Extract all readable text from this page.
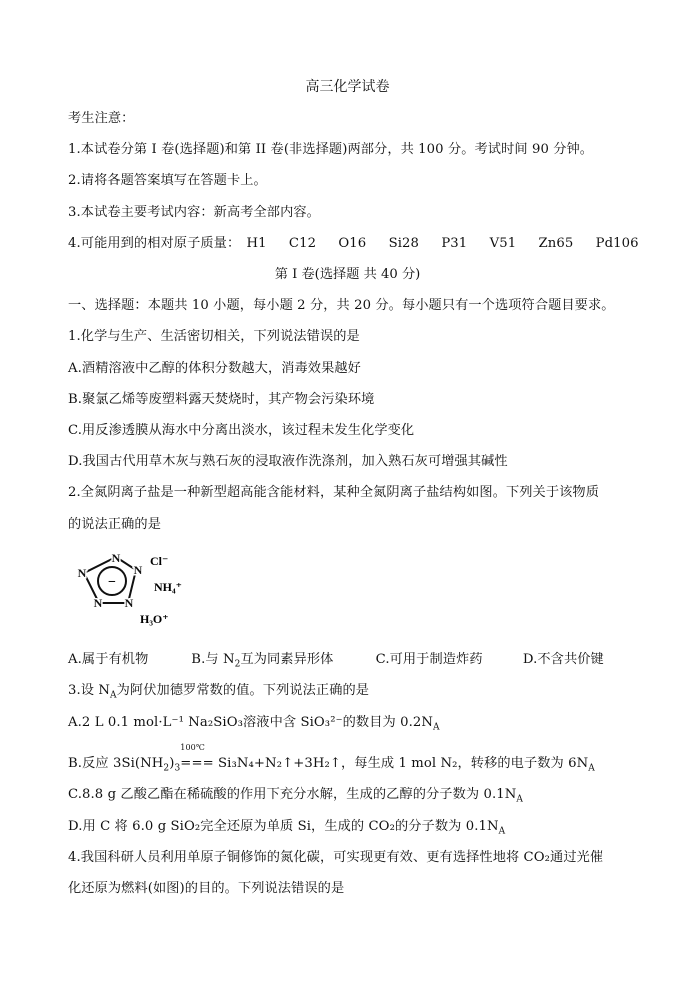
高三化学试卷
考生注意：
1.本试卷分第 I 卷(选择题)和第 II 卷(非选择题)两部分，共 100 分。考试时间 90 分钟。
2.请将各题答案填写在答题卡上。
3.本试卷主要考试内容：新高考全部内容。
4.可能用到的相对原子质量： H1 C12 O16 Si28 P31 V51 Zn65 Pd106
第 I 卷(选择题 共 40 分)
一、选择题：本题共 10 小题，每小题 2 分，共 20 分。每小题只有一个选项符合题目要求。
1.化学与生产、生活密切相关，下列说法错误的是
A.酒精溶液中乙醇的体积分数越大，消毒效果越好
B.聚氯乙烯等废塑料露天焚烧时，其产物会污染环境
C.用反渗透膜从海水中分离出淡水，该过程未发生化学变化
D.我国古代用草木灰与熟石灰的浸取液作洗涤剂，加入熟石灰可增强其碱性
2.全氮阴离子盐是一种新型超高能含能材料，某种全氮阴离子盐结构如图。下列关于该物质
的说法正确的是
−
N
N
N
N
N
Cl⁻
NH₄⁺
H₃O⁺
A.属于有机物	B.与 $N_2$互为同素异形体	C.可用于制造炸药	D.不含共价键
3.设 $N_A$为阿伏加德罗常数的值。下列说法正确的是
A.2 L 0.1 mol·L⁻¹ Na₂SiO₃溶液中含 SiO₃²⁻的数目为 $0.2N_A$
B.反应 $3Si(NH_2)_3$
100℃
=== Si₃N₄+N₂↑+3H₂↑，每生成 1 mol N₂，转移的电子数为 $6N_A$
C.8.8 g 乙酸乙酯在稀硫酸的作用下充分水解，生成的乙醇的分子数为 $0.1N_A$
D.用 C 将 6.0 g SiO₂完全还原为单质 Si，生成的 CO₂的分子数为 $0.1N_A$
4.我国科研人员利用单原子铜修饰的氮化碳，可实现更有效、更有选择性地将 CO₂通过光催
化还原为燃料(如图)的目的。下列说法错误的是
